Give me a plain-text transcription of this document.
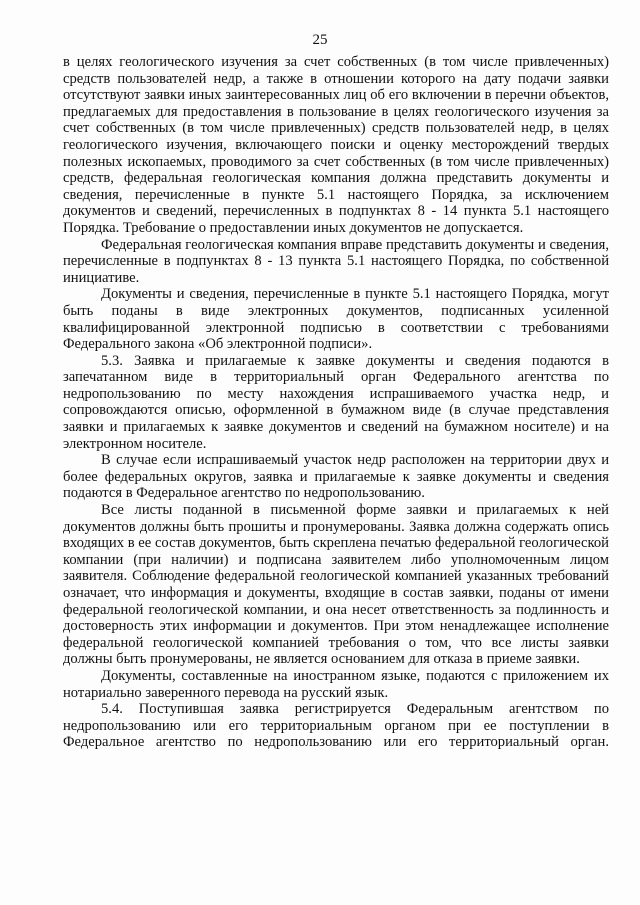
25

в целях геологического изучения за счет собственных (в том числе привлеченных) средств пользователей недр, а также в отношении которого на дату подачи заявки отсутствуют заявки иных заинтересованных лиц об его включении в перечни объектов, предлагаемых для предоставления в пользование в целях геологического изучения за счет собственных (в том числе привлеченных) средств пользователей недр, в целях геологического изучения, включающего поиски и оценку месторождений твердых полезных ископаемых, проводимого за счет собственных (в том числе привлеченных) средств, федеральная геологическая компания должна представить документы и сведения, перечисленные в пункте 5.1 настоящего Порядка, за исключением документов и сведений, перечисленных в подпунктах 8 - 14 пункта 5.1 настоящего Порядка. Требование о предоставлении иных документов не допускается.

Федеральная геологическая компания вправе представить документы и сведения, перечисленные в подпунктах 8 - 13 пункта 5.1 настоящего Порядка, по собственной инициативе.

Документы и сведения, перечисленные в пункте 5.1 настоящего Порядка, могут быть поданы в виде электронных документов, подписанных усиленной квалифицированной электронной подписью в соответствии с требованиями Федерального закона «Об электронной подписи».

5.3. Заявка и прилагаемые к заявке документы и сведения подаются в запечатанном виде в территориальный орган Федерального агентства по недропользованию по месту нахождения испрашиваемого участка недр, и сопровождаются описью, оформленной в бумажном виде (в случае представления заявки и прилагаемых к заявке документов и сведений на бумажном носителе) и на электронном носителе.

В случае если испрашиваемый участок недр расположен на территории двух и более федеральных округов, заявка и прилагаемые к заявке документы и сведения подаются в Федеральное агентство по недропользованию.

Все листы поданной в письменной форме заявки и прилагаемых к ней документов должны быть прошиты и пронумерованы. Заявка должна содержать опись входящих в ее состав документов, быть скреплена печатью федеральной геологической компании (при наличии) и подписана заявителем либо уполномоченным лицом заявителя. Соблюдение федеральной геологической компанией указанных требований означает, что информация и документы, входящие в состав заявки, поданы от имени федеральной геологической компании, и она несет ответственность за подлинность и достоверность этих информации и документов. При этом ненадлежащее исполнение федеральной геологической компанией требования о том, что все листы заявки должны быть пронумерованы, не является основанием для отказа в приеме заявки.

Документы, составленные на иностранном языке, подаются с приложением их нотариально заверенного перевода на русский язык.

5.4. Поступившая заявка регистрируется Федеральным агентством по недропользованию или его территориальным органом при ее поступлении в Федеральное агентство по недропользованию или его территориальный орган.
